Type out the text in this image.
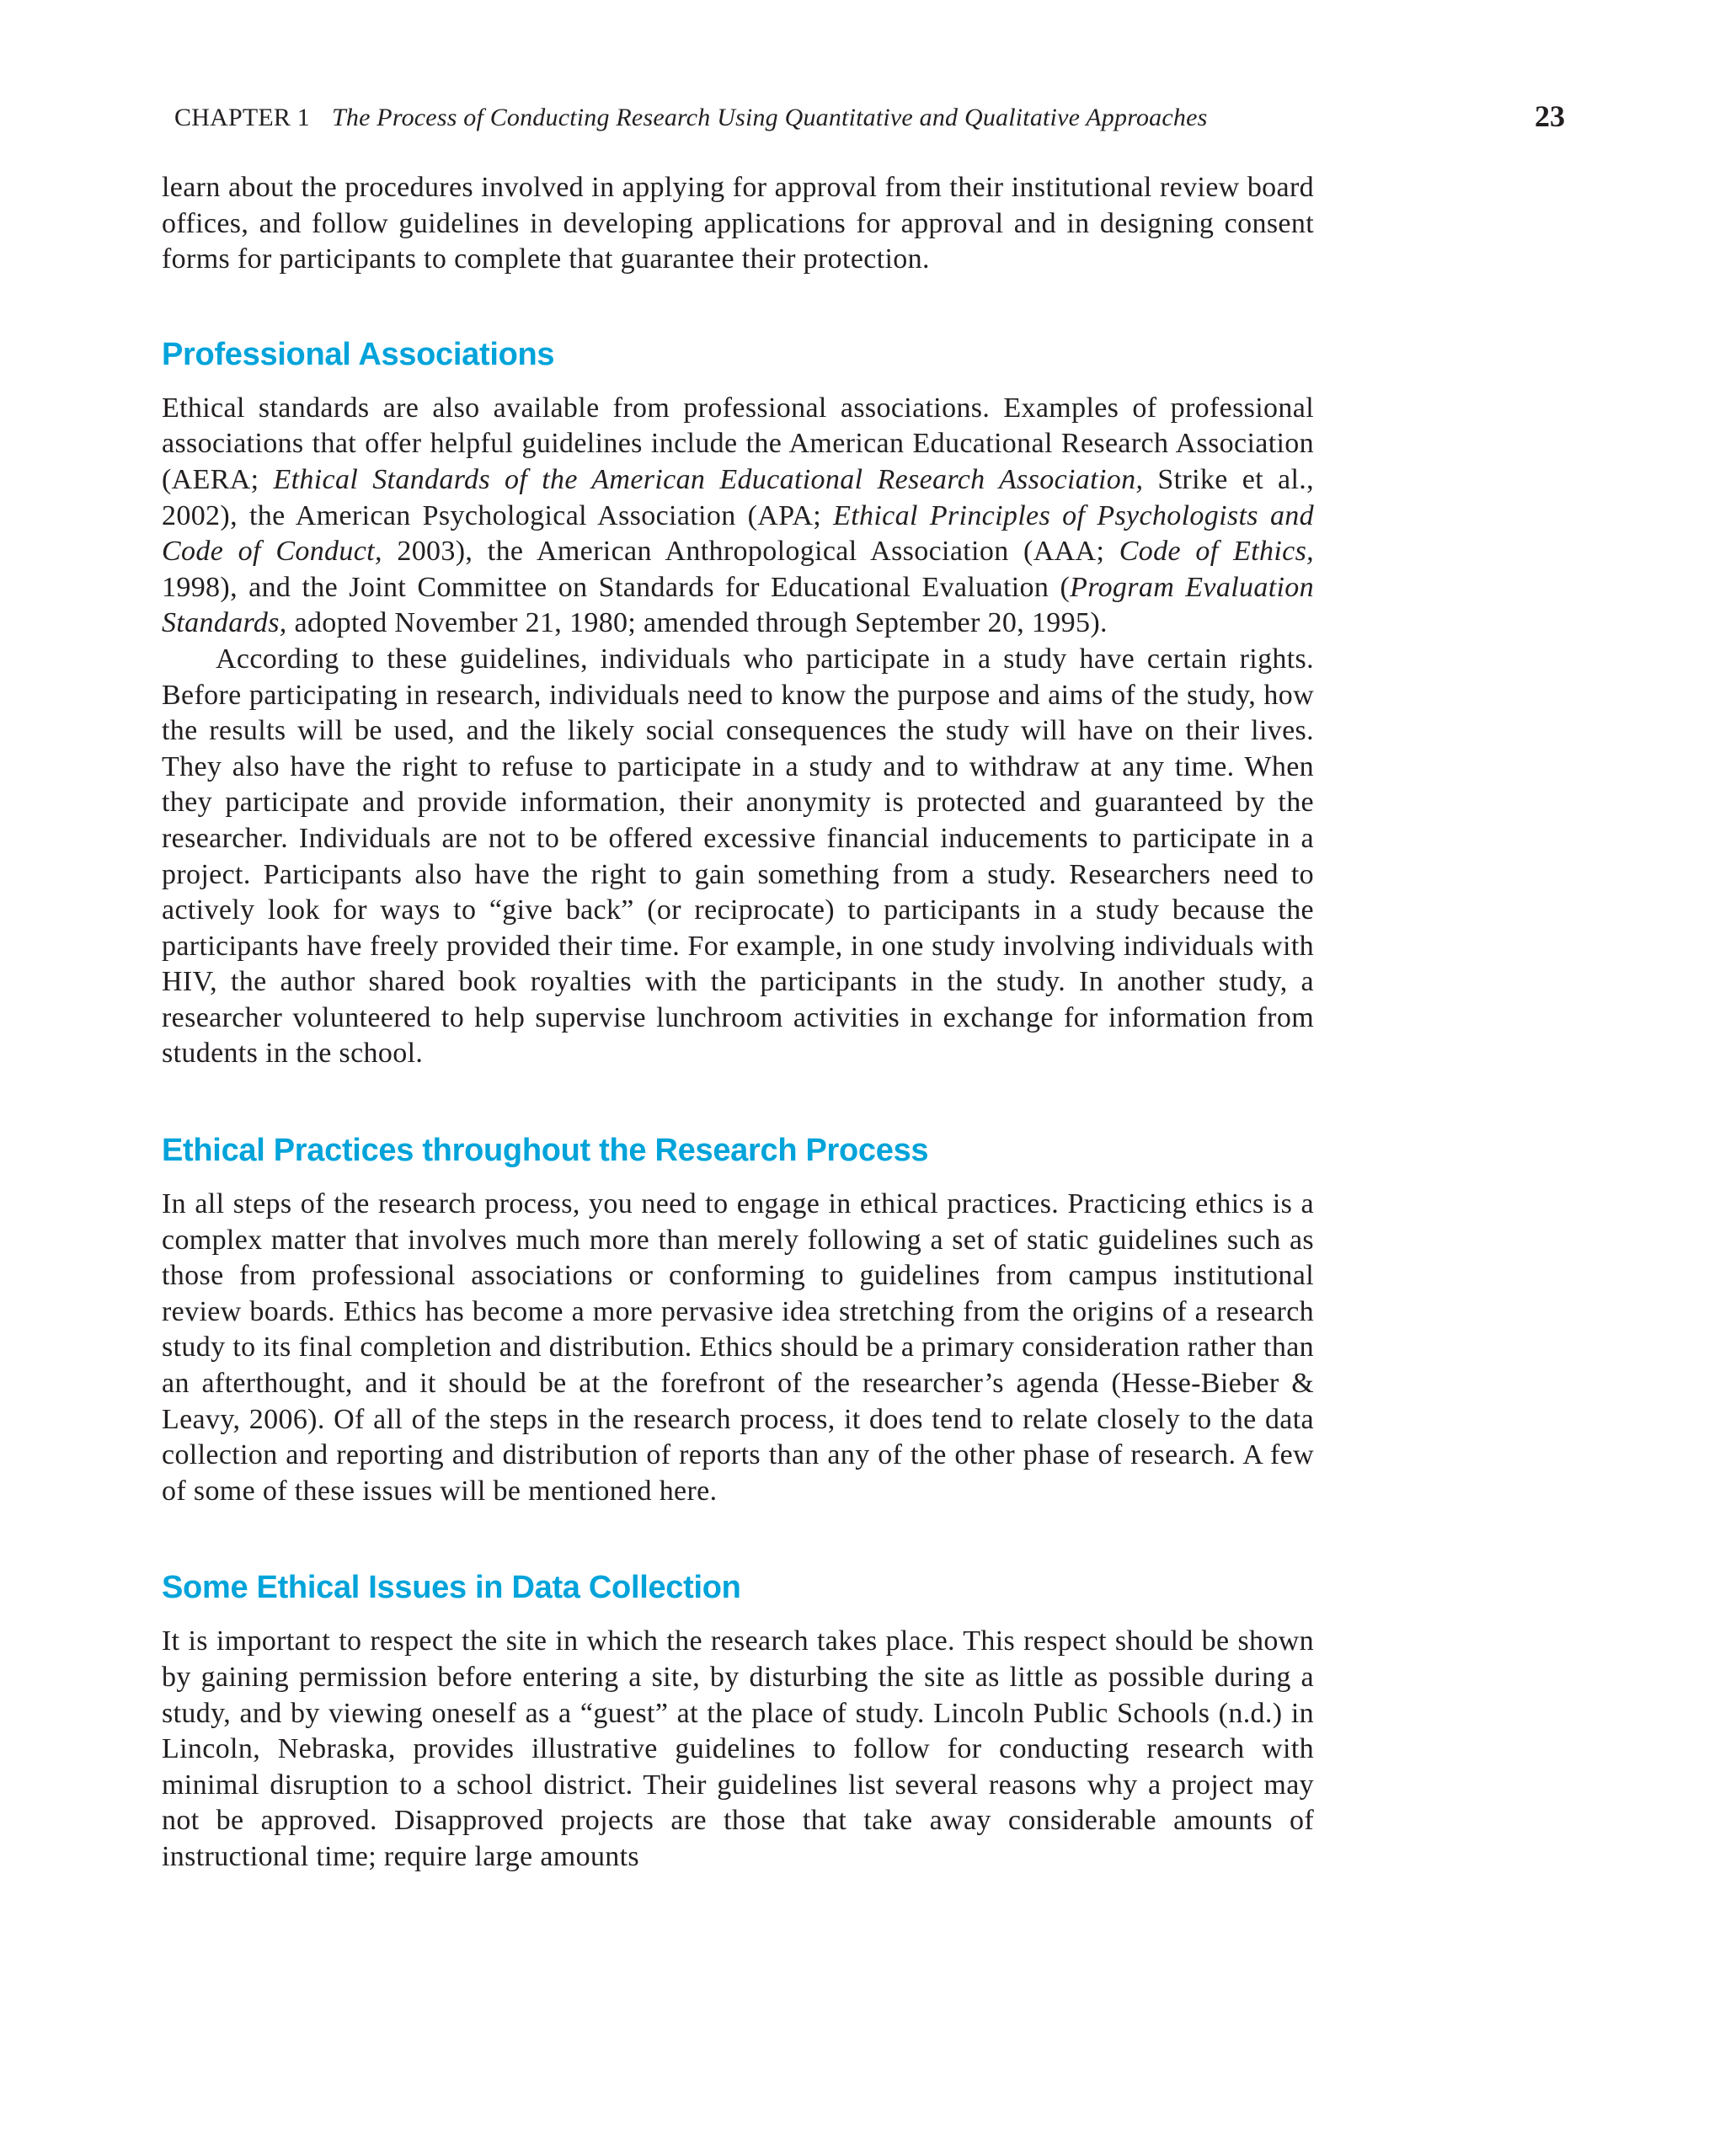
CHAPTER 1 The Process of Conducting Research Using Quantitative and Qualitative Approaches	23

learn about the procedures involved in applying for approval from their institutional review board offices, and follow guidelines in developing applications for approval and in designing consent forms for participants to complete that guarantee their protection.

Professional Associations

Ethical standards are also available from professional associations. Examples of professional associations that offer helpful guidelines include the American Educational Research Association (AERA; Ethical Standards of the American Educational Research Association, Strike et al., 2002), the American Psychological Association (APA; Ethical Principles of Psychologists and Code of Conduct, 2003), the American Anthropological Association (AAA; Code of Ethics, 1998), and the Joint Committee on Standards for Educational Evaluation (Program Evaluation Standards, adopted November 21, 1980; amended through September 20, 1995).

According to these guidelines, individuals who participate in a study have certain rights. Before participating in research, individuals need to know the purpose and aims of the study, how the results will be used, and the likely social consequences the study will have on their lives. They also have the right to refuse to participate in a study and to withdraw at any time. When they participate and provide information, their anonymity is protected and guaranteed by the researcher. Individuals are not to be offered excessive financial inducements to participate in a project. Participants also have the right to gain something from a study. Researchers need to actively look for ways to “give back” (or reciprocate) to participants in a study because the participants have freely provided their time. For example, in one study involving individuals with HIV, the author shared book royalties with the participants in the study. In another study, a researcher volunteered to help supervise lunchroom activities in exchange for information from students in the school.

Ethical Practices throughout the Research Process

In all steps of the research process, you need to engage in ethical practices. Practicing ethics is a complex matter that involves much more than merely following a set of static guidelines such as those from professional associations or conforming to guidelines from campus institutional review boards. Ethics has become a more pervasive idea stretching from the origins of a research study to its final completion and distribution. Ethics should be a primary consideration rather than an afterthought, and it should be at the forefront of the researcher’s agenda (Hesse-Bieber & Leavy, 2006). Of all of the steps in the research process, it does tend to relate closely to the data collection and reporting and distribution of reports than any of the other phase of research. A few of some of these issues will be mentioned here.

Some Ethical Issues in Data Collection

It is important to respect the site in which the research takes place. This respect should be shown by gaining permission before entering a site, by disturbing the site as little as possible during a study, and by viewing oneself as a “guest” at the place of study. Lincoln Public Schools (n.d.) in Lincoln, Nebraska, provides illustrative guidelines to follow for conducting research with minimal disruption to a school district. Their guidelines list several reasons why a project may not be approved. Disapproved projects are those that take away considerable amounts of instructional time; require large amounts
